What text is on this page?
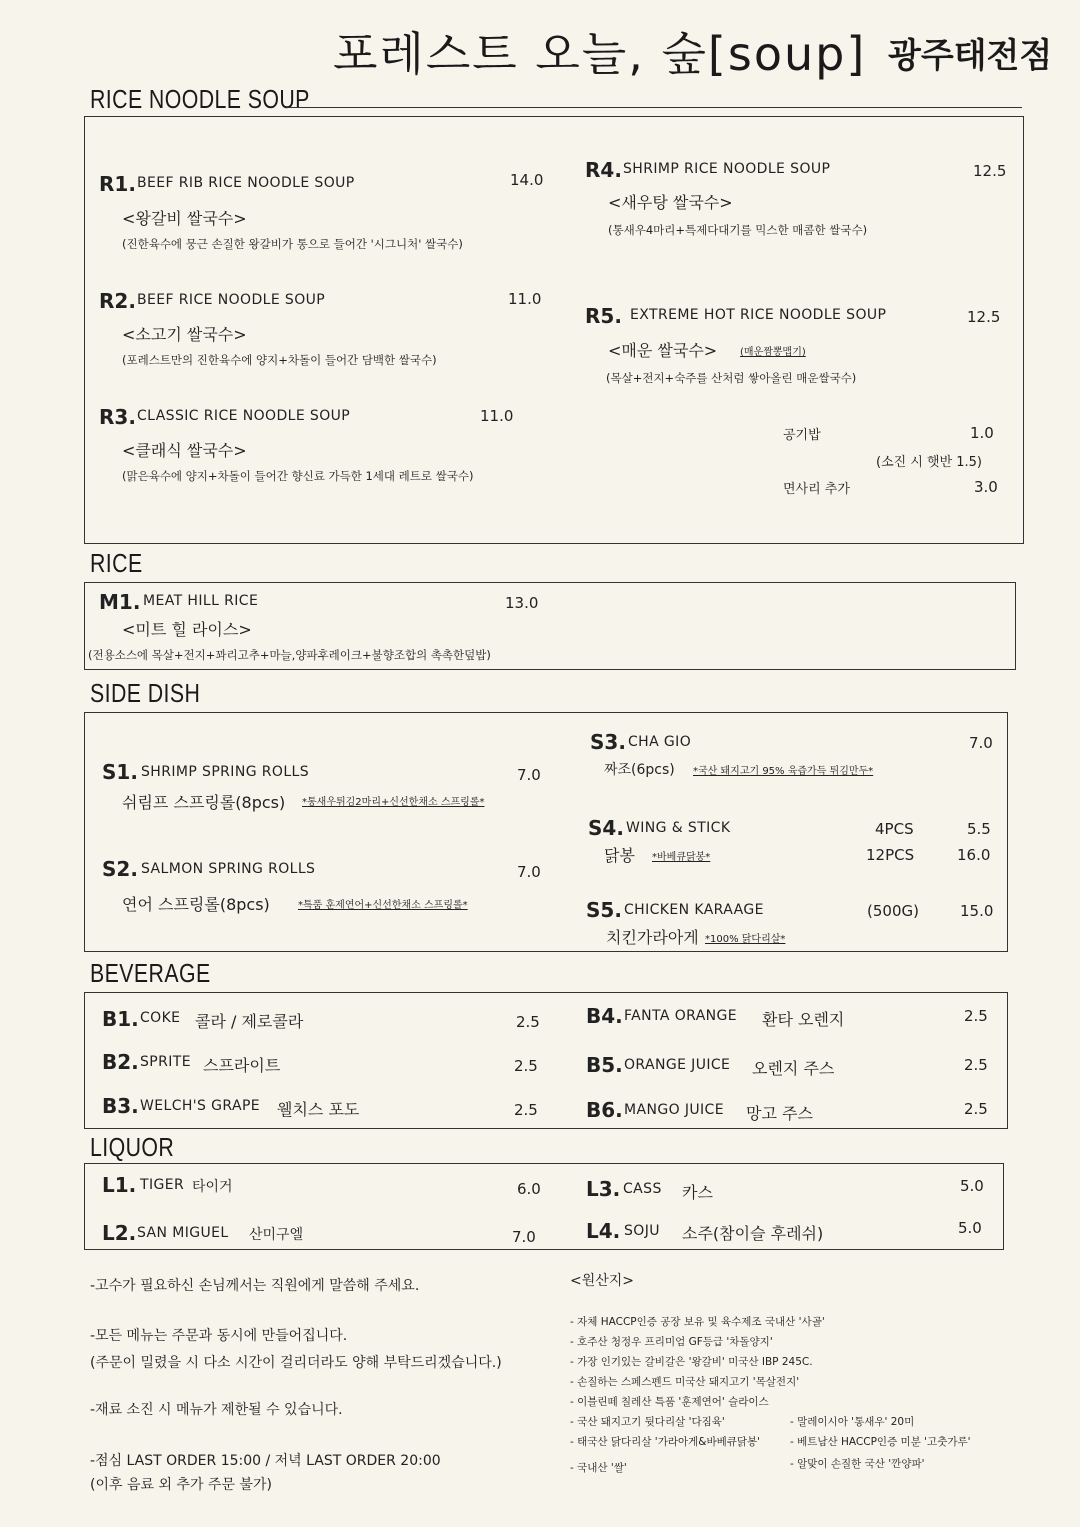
포레스트 오늘, 숲[soup] 광주태전점
RICE NOODLE SOUP
R1. BEEF RIB RICE NOODLE SOUP	14.0
<왕갈비 쌀국수>
(진한육수에 뭉근 손질한 왕갈비가 통으로 들어간 '시그니처' 쌀국수)
R2. BEEF RICE NOODLE SOUP	11.0
<소고기 쌀국수>
(포레스트만의 진한육수에 양지+차돌이 들어간 담백한 쌀국수)
R3. CLASSIC RICE NOODLE SOUP	11.0
<클래식 쌀국수>
(맑은육수에 양지+차돌이 들어간 향신료 가득한 1세대 레트로 쌀국수)
R4. SHRIMP RICE NOODLE SOUP	12.5
<새우탕 쌀국수>
(통새우4마리+특제다대기를 믹스한 매콤한 쌀국수)
R5. EXTREME HOT RICE NOODLE SOUP	12.5
<매운 쌀국수> (매운짬뽕맵기)
(목살+전지+숙주를 산처럼 쌓아올린 매운쌀국수)
공기밥	1.0
(소진 시 햇반 1.5)
면사리 추가	3.0
RICE
M1. MEAT HILL RICE	13.0
<미트 힐 라이스>
(전용소스에 목살+전지+꽈리고추+마늘,양파후레이크+불향조합의 촉촉한덮밥)
SIDE DISH
S1. SHRIMP SPRING ROLLS	7.0
쉬림프 스프링롤(8pcs) *통새우튀김2마리+신선한채소 스프링롤*
S2. SALMON SPRING ROLLS	7.0
연어 스프링롤(8pcs)	*특품 훈제연어+신선한채소 스프링롤*
S3. CHA GIO	7.0
짜조(6pcs) *국산 돼지고기 95% 육즙가득 튀김만두*
S4. WING & STICK	4PCS	5.5
닭봉 *바베큐닭봉*	12PCS	16.0
S5. CHICKEN KARAAGE	(500G)	15.0
치킨가라아게 *100% 닭다리살*
BEVERAGE
B1. COKE 콜라 / 제로콜라	2.5
B2. SPRITE 스프라이트	2.5
B3. WELCH'S GRAPE 웰치스 포도	2.5
B4. FANTA ORANGE 환타 오렌지	2.5
B5. ORANGE JUICE 오렌지 주스	2.5
B6. MANGO JUICE 망고 주스	2.5
LIQUOR
L1. TIGER 타이거	6.0
L2. SAN MIGUEL 산미구엘	7.0
L3. CASS 카스	5.0
L4. SOJU 소주(참이슬 후레쉬)	5.0
-고수가 필요하신 손님께서는 직원에게 말씀해 주세요.
-모든 메뉴는 주문과 동시에 만들어집니다.
(주문이 밀렸을 시 다소 시간이 걸리더라도 양해 부탁드리겠습니다.)
-재료 소진 시 메뉴가 제한될 수 있습니다.
-점심 LAST ORDER 15:00 / 저녁 LAST ORDER 20:00
(이후 음료 외 추가 주문 불가)
<원산지>
- 자체 HACCP인증 공장 보유 및 육수제조 국내산 '사골'
- 호주산 청정우 프리미엄 GF등급 '차돌양지'
- 가장 인기있는 갈비갈은 '왕갈비' 미국산 IBP 245C.
- 손질하는 스페스펜드 미국산 돼지고기 '목살전지'
- 이블린떼 칠레산 특품 '훈제연어' 슬라이스
- 국산 돼지고기 뒷다리살 '다짐육'	- 말레이시아 '통새우' 20미
- 태국산 닭다리살 '가라아게&바베큐닭봉'	- 베트남산 HACCP인증 미분 '고춧가루'
- 국내산 '쌀'	- 알맞이 손질한 국산 '깐양파'
